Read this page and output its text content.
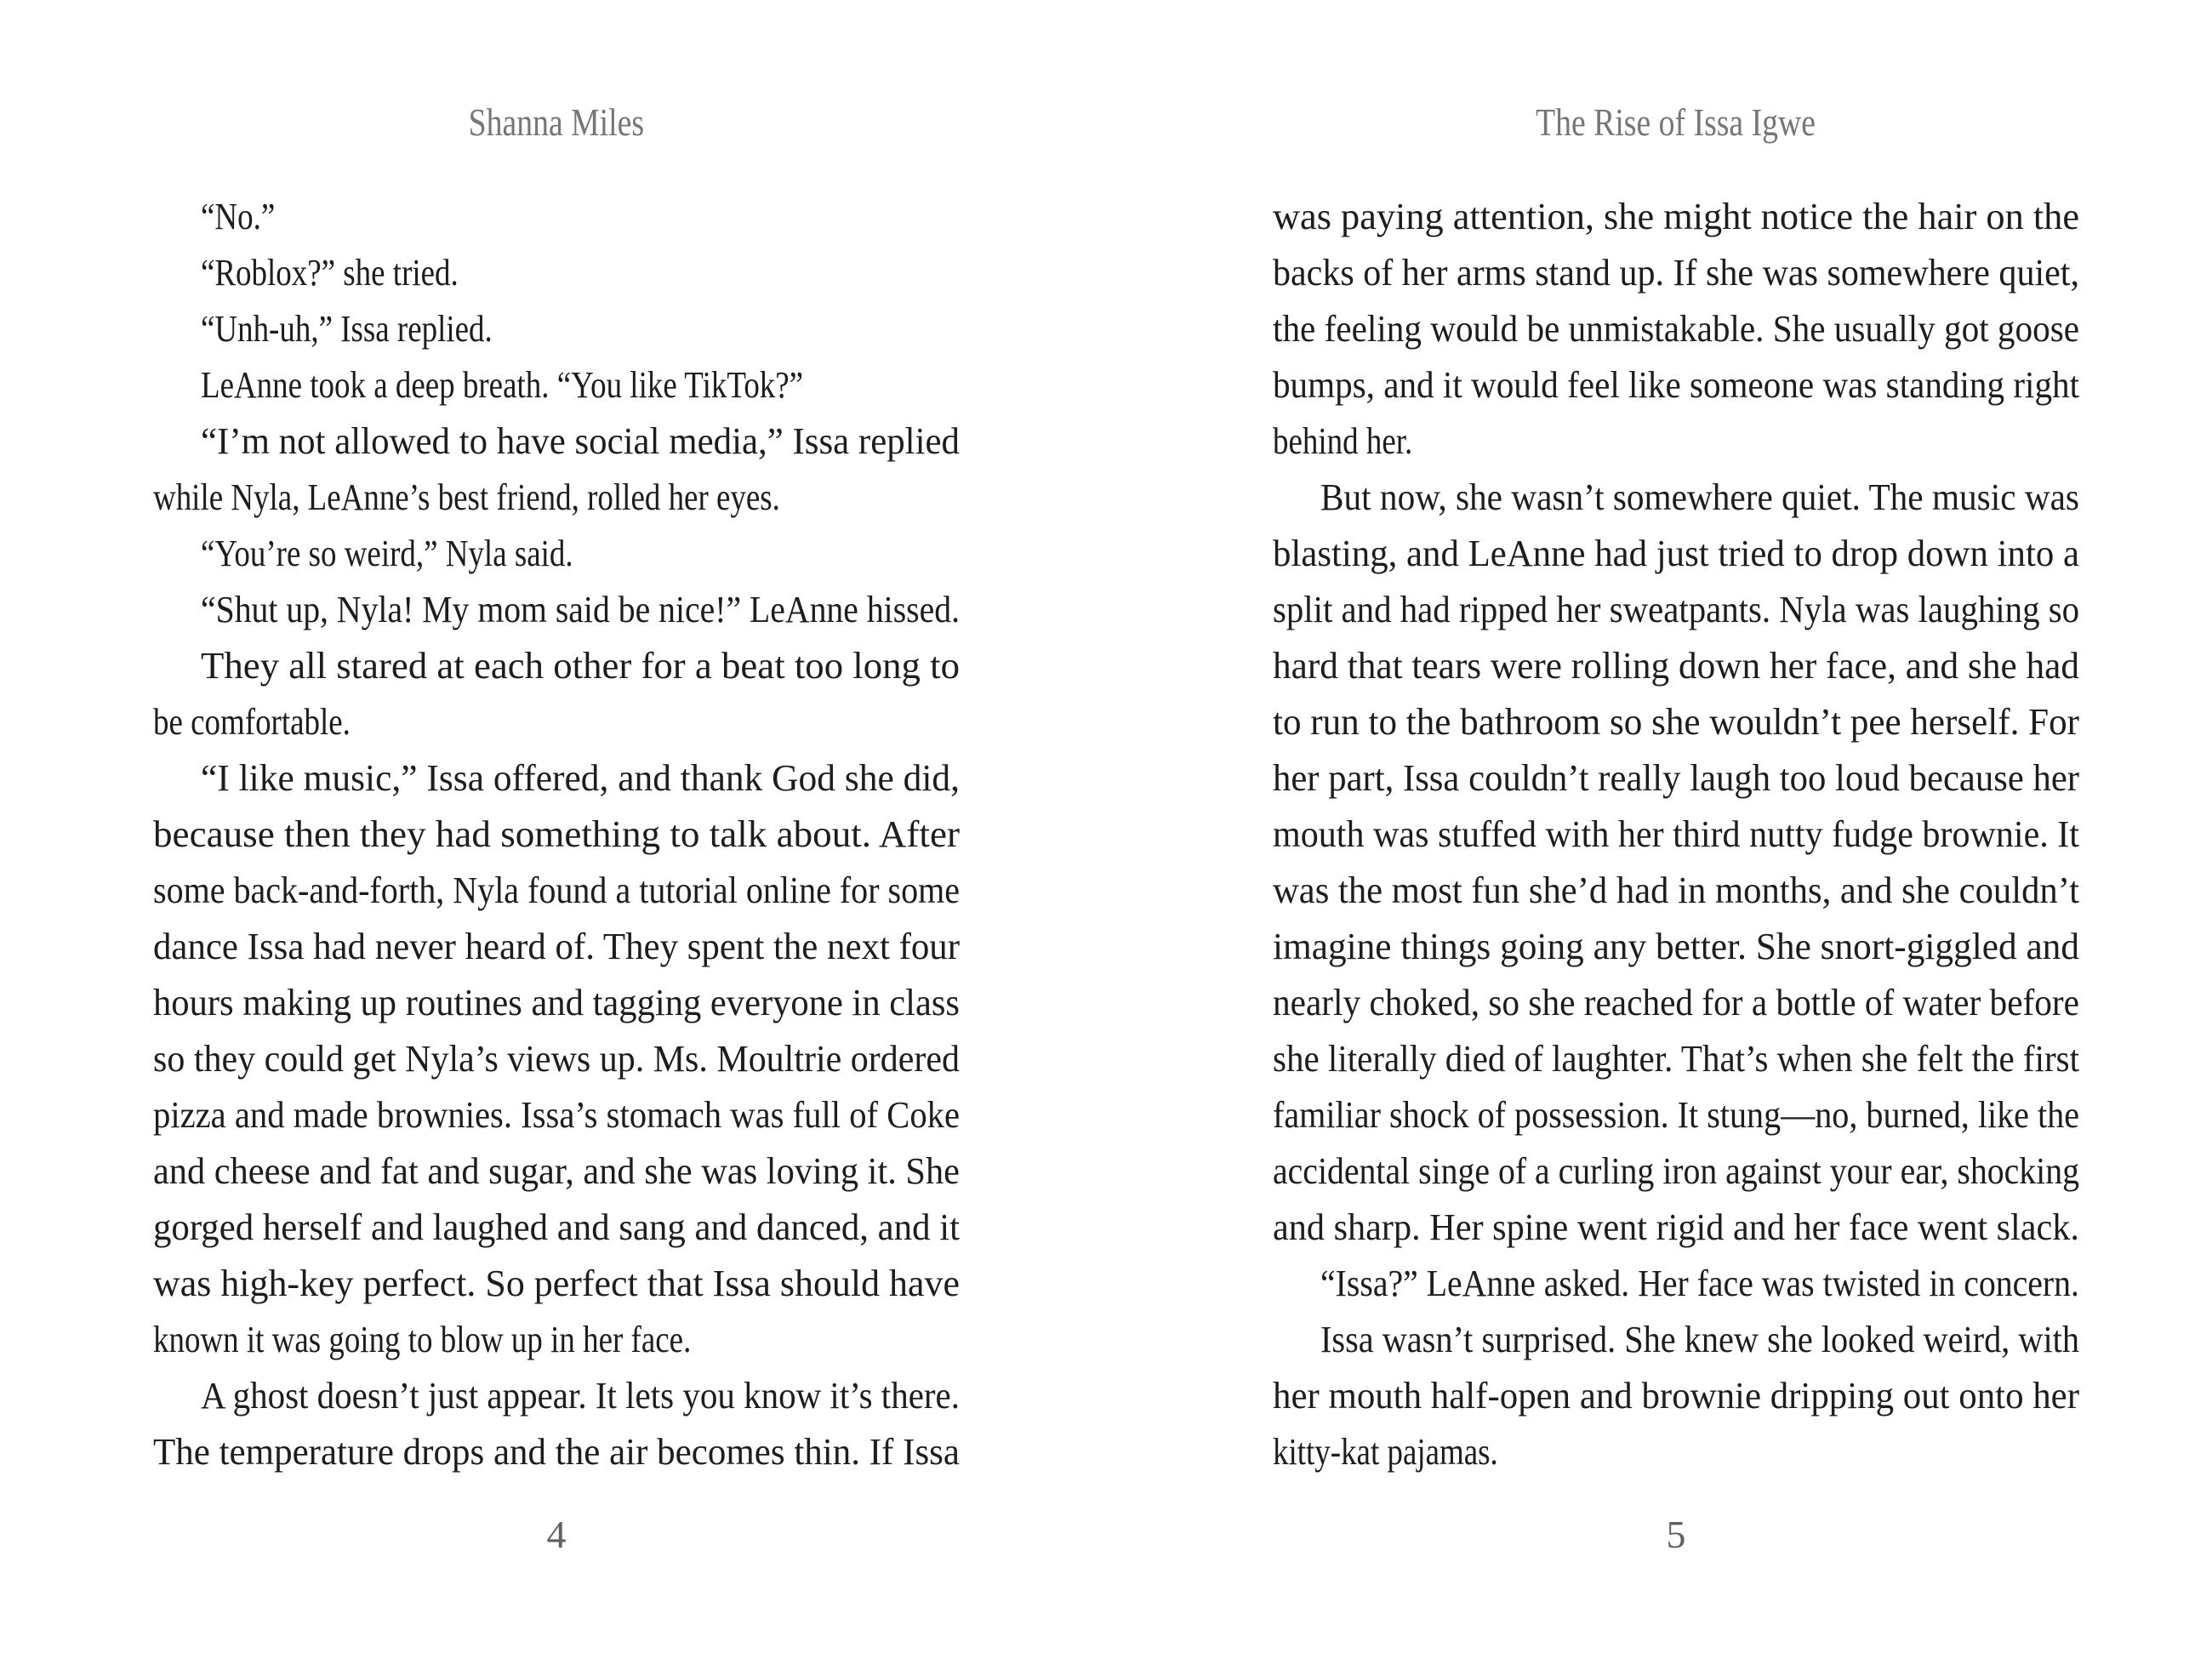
Shanna Miles
“No.”
“Roblox?” she tried.
“Unh-uh,” Issa replied.
LeAnne took a deep breath. “You like TikTok?”
“I’m not allowed to have social media,” Issa replied
while Nyla, LeAnne’s best friend, rolled her eyes.
“You’re so weird,” Nyla said.
“Shut up, Nyla! My mom said be nice!” LeAnne hissed.
They all stared at each other for a beat too long to
be comfortable.
“I like music,” Issa offered, and thank God she did,
because then they had something to talk about. After
some back-and-forth, Nyla found a tutorial online for some
dance Issa had never heard of. They spent the next four
hours making up routines and tagging everyone in class
so they could get Nyla’s views up. Ms. Moultrie ordered
pizza and made brownies. Issa’s stomach was full of Coke
and cheese and fat and sugar, and she was loving it. She
gorged herself and laughed and sang and danced, and it
was high-key perfect. So perfect that Issa should have
known it was going to blow up in her face.
A ghost doesn’t just appear. It lets you know it’s there.
The temperature drops and the air becomes thin. If Issa
4
The Rise of Issa Igwe
was paying attention, she might notice the hair on the
backs of her arms stand up. If she was somewhere quiet,
the feeling would be unmistakable. She usually got goose
bumps, and it would feel like someone was standing right
behind her.
But now, she wasn’t somewhere quiet. The music was
blasting, and LeAnne had just tried to drop down into a
split and had ripped her sweatpants. Nyla was laughing so
hard that tears were rolling down her face, and she had
to run to the bathroom so she wouldn’t pee herself. For
her part, Issa couldn’t really laugh too loud because her
mouth was stuffed with her third nutty fudge brownie. It
was the most fun she’d had in months, and she couldn’t
imagine things going any better. She snort-giggled and
nearly choked, so she reached for a bottle of water before
she literally died of laughter. That’s when she felt the first
familiar shock of possession. It stung—no, burned, like the
accidental singe of a curling iron against your ear, shocking
and sharp. Her spine went rigid and her face went slack.
“Issa?” LeAnne asked. Her face was twisted in concern.
Issa wasn’t surprised. She knew she looked weird, with
her mouth half-open and brownie dripping out onto her
kitty-kat pajamas.
5
